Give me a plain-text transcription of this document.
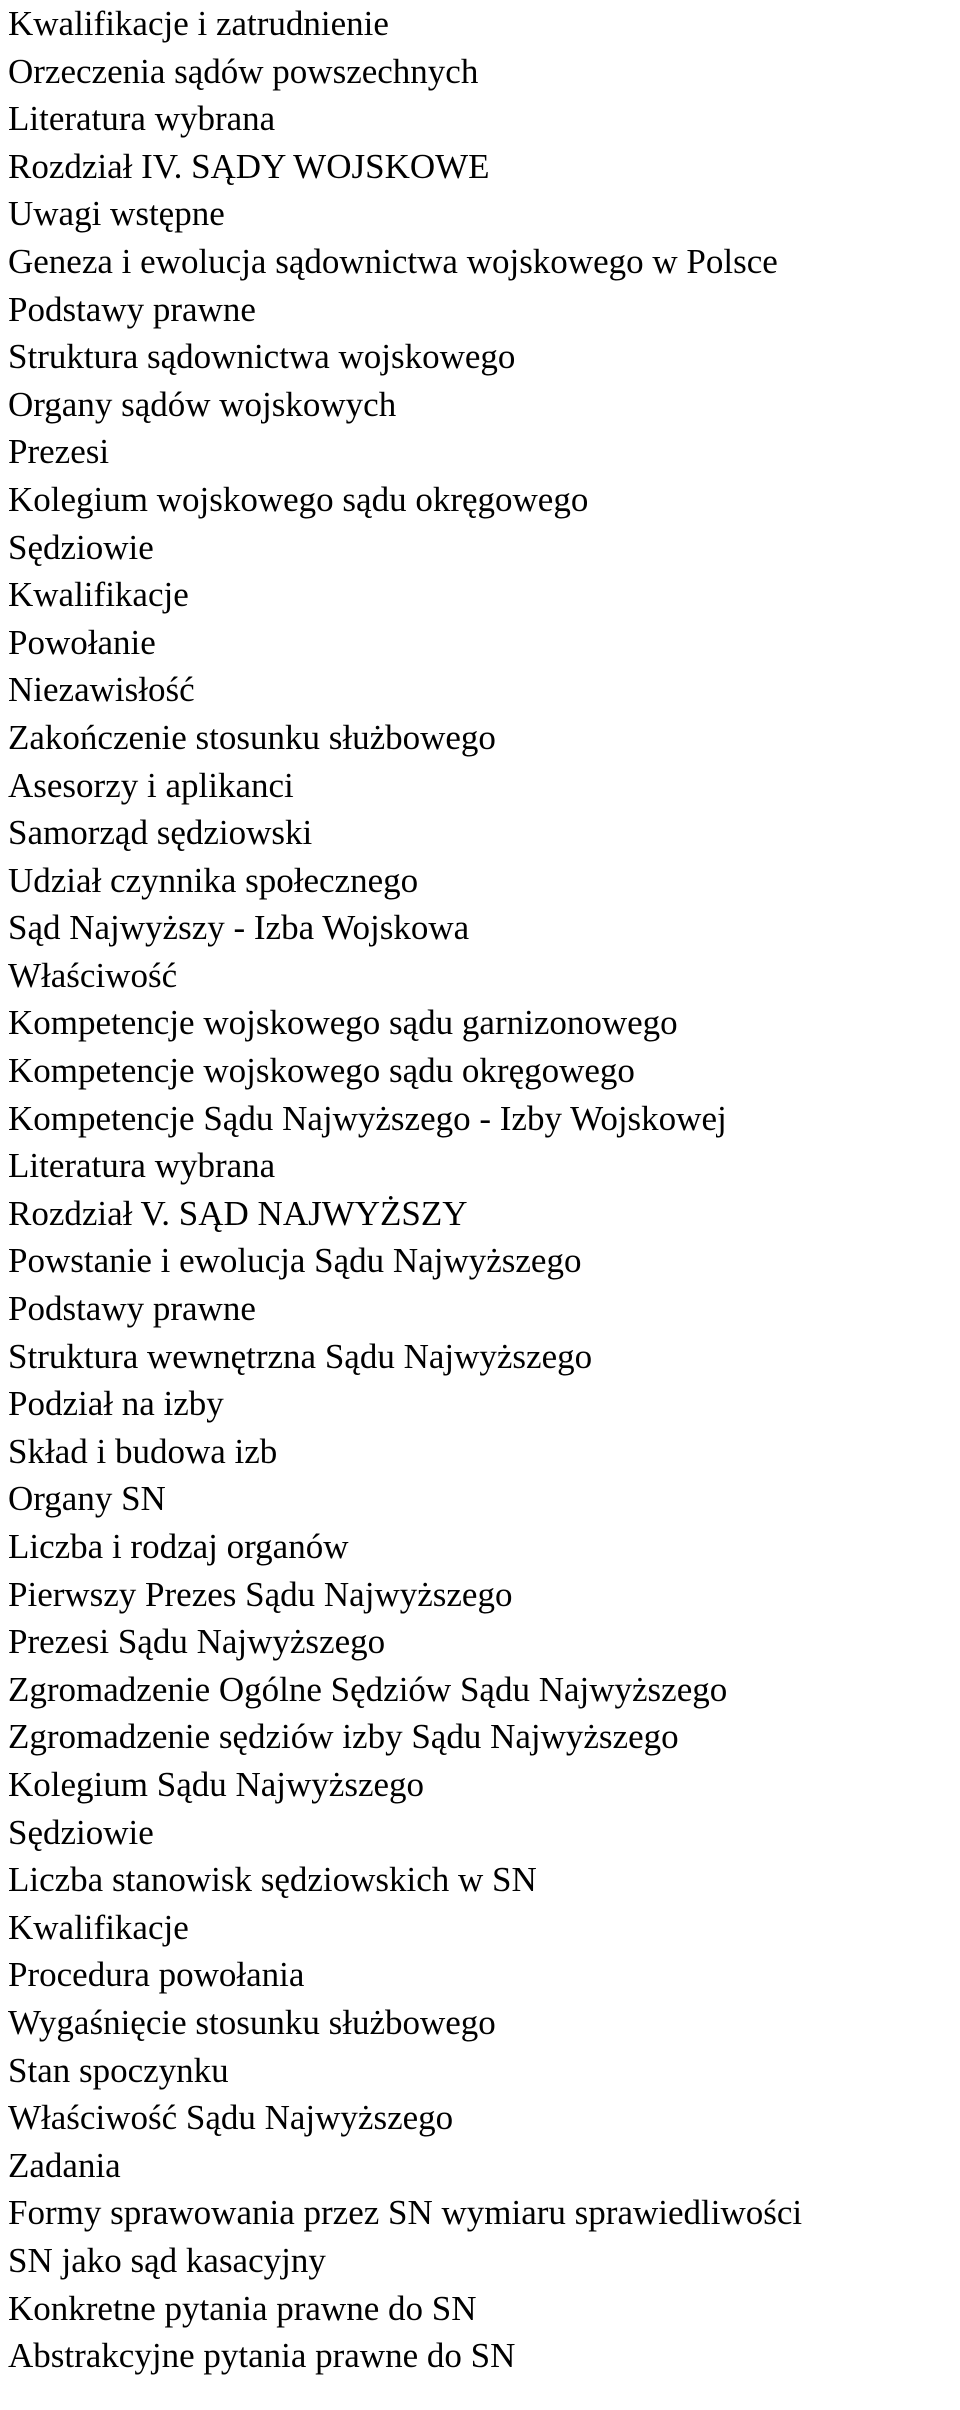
Kwalifikacje i zatrudnienie
Orzeczenia sądów powszechnych
Literatura wybrana
Rozdział IV. SĄDY WOJSKOWE
Uwagi wstępne
Geneza i ewolucja sądownictwa wojskowego w Polsce
Podstawy prawne
Struktura sądownictwa wojskowego
Organy sądów wojskowych
Prezesi
Kolegium wojskowego sądu okręgowego
Sędziowie
Kwalifikacje
Powołanie
Niezawisłość
Zakończenie stosunku służbowego
Asesorzy i aplikanci
Samorząd sędziowski
Udział czynnika społecznego
Sąd Najwyższy - Izba Wojskowa
Właściwość
Kompetencje wojskowego sądu garnizonowego
Kompetencje wojskowego sądu okręgowego
Kompetencje Sądu Najwyższego - Izby Wojskowej
Literatura wybrana
Rozdział V. SĄD NAJWYŻSZY
Powstanie i ewolucja Sądu Najwyższego
Podstawy prawne
Struktura wewnętrzna Sądu Najwyższego
Podział na izby
Skład i budowa izb
Organy SN
Liczba i rodzaj organów
Pierwszy Prezes Sądu Najwyższego
Prezesi Sądu Najwyższego
Zgromadzenie Ogólne Sędziów Sądu Najwyższego
Zgromadzenie sędziów izby Sądu Najwyższego
Kolegium Sądu Najwyższego
Sędziowie
Liczba stanowisk sędziowskich w SN
Kwalifikacje
Procedura powołania
Wygaśnięcie stosunku służbowego
Stan spoczynku
Właściwość Sądu Najwyższego
Zadania
Formy sprawowania przez SN wymiaru sprawiedliwości
SN jako sąd kasacyjny
Konkretne pytania prawne do SN
Abstrakcyjne pytania prawne do SN
